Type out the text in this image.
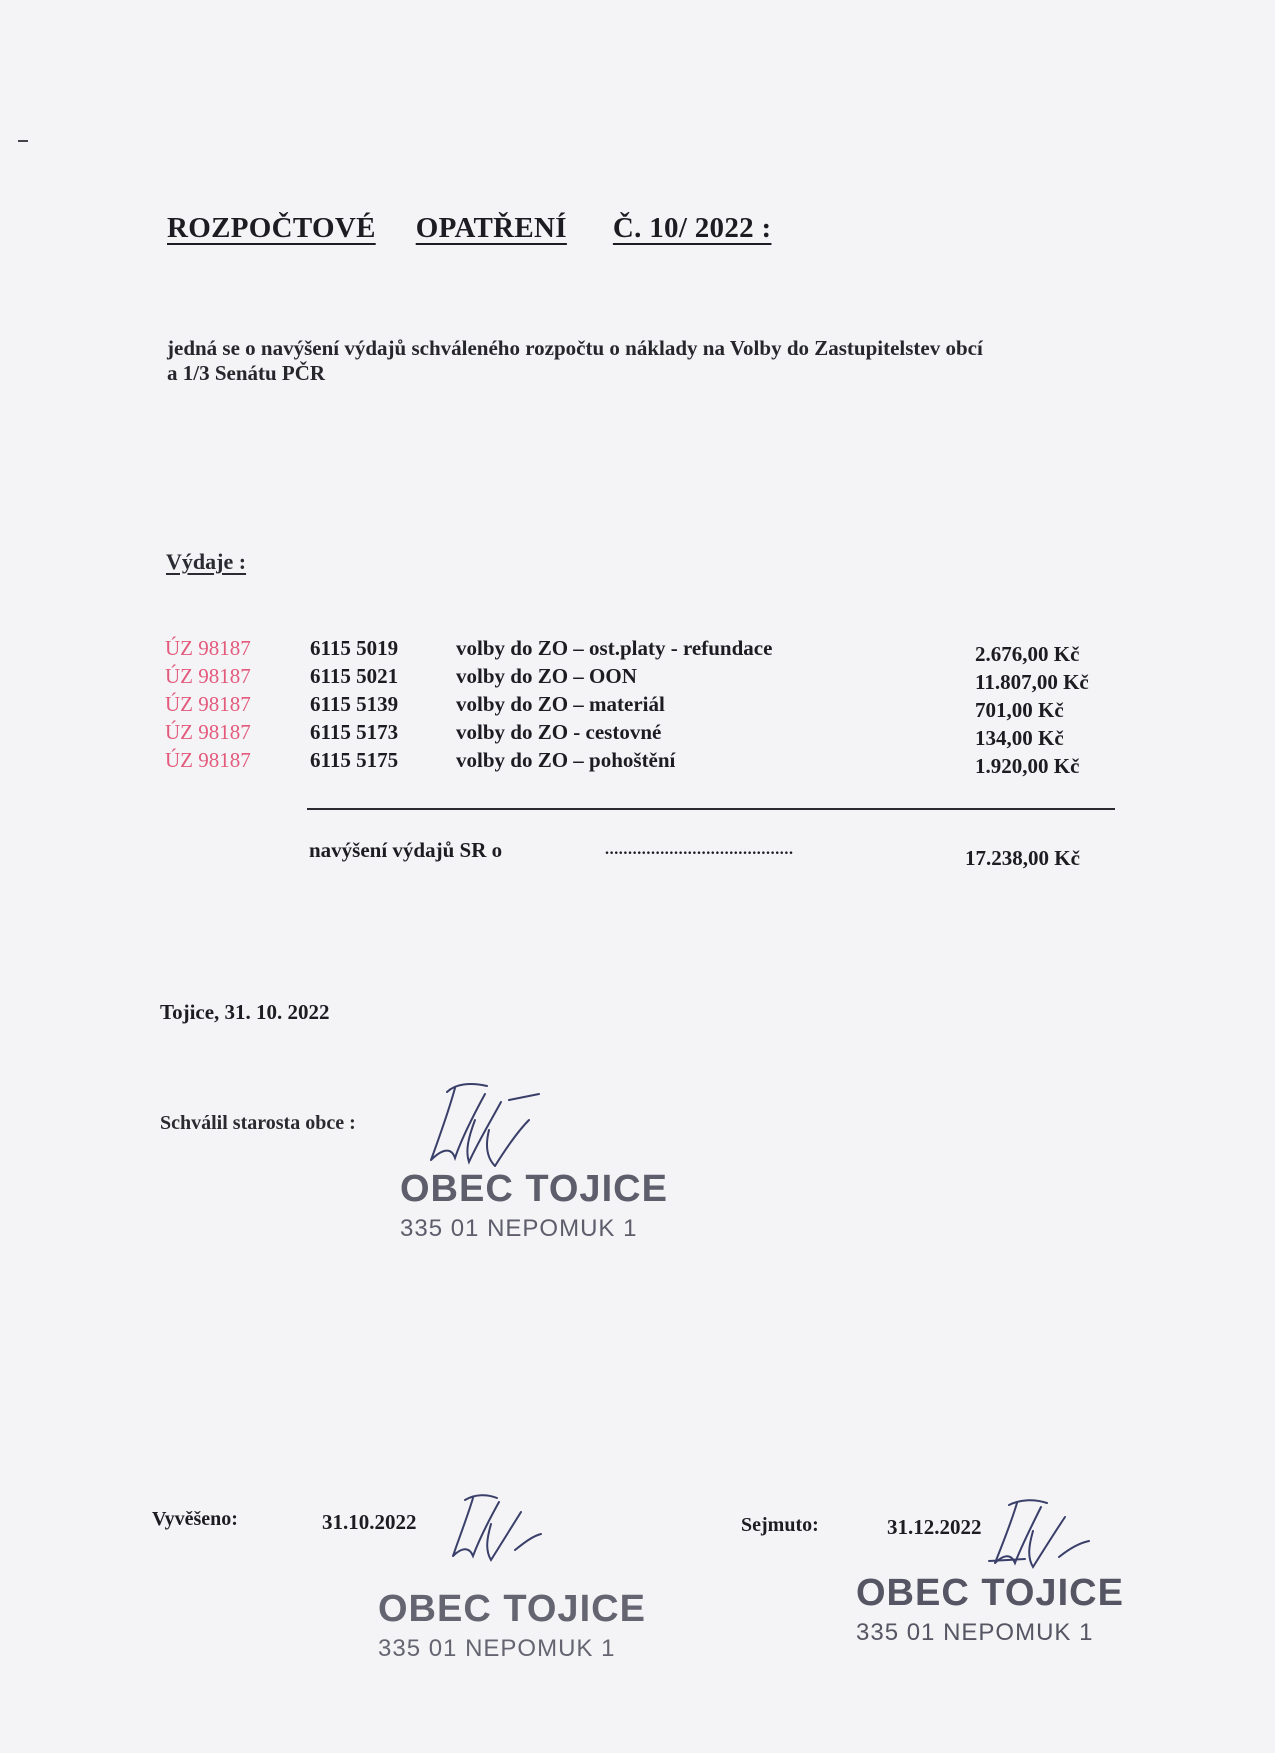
ROZPOČTOVÉ OPATŘENÍ Č. 10/ 2022 :
jedná se o navýšení výdajů schváleného rozpočtu o náklady na Volby do Zastupitelstev obcí
a 1/3 Senátu PČR
Výdaje :
ÚZ 98187	6115 5019	volby do ZO – ost.platy - refundace	2.676,00 Kč
ÚZ 98187	6115 5021	volby do ZO – OON	11.807,00 Kč
ÚZ 98187	6115 5139	volby do ZO – materiál	701,00 Kč
ÚZ 98187	6115 5173	volby do ZO - cestovné	134,00 Kč
ÚZ 98187	6115 5175	volby do ZO – pohoštění	1.920,00 Kč
navýšení výdajů SR o	.........................................	17.238,00 Kč
Tojice, 31. 10. 2022
Schválil starosta obce :
OBEC TOJICE
335 01 NEPOMUK 1
Vyvěšeno:	31.10.2022
OBEC TOJICE
335 01 NEPOMUK 1
Sejmuto:	31.12.2022
OBEC TOJICE
335 01 NEPOMUK 1
